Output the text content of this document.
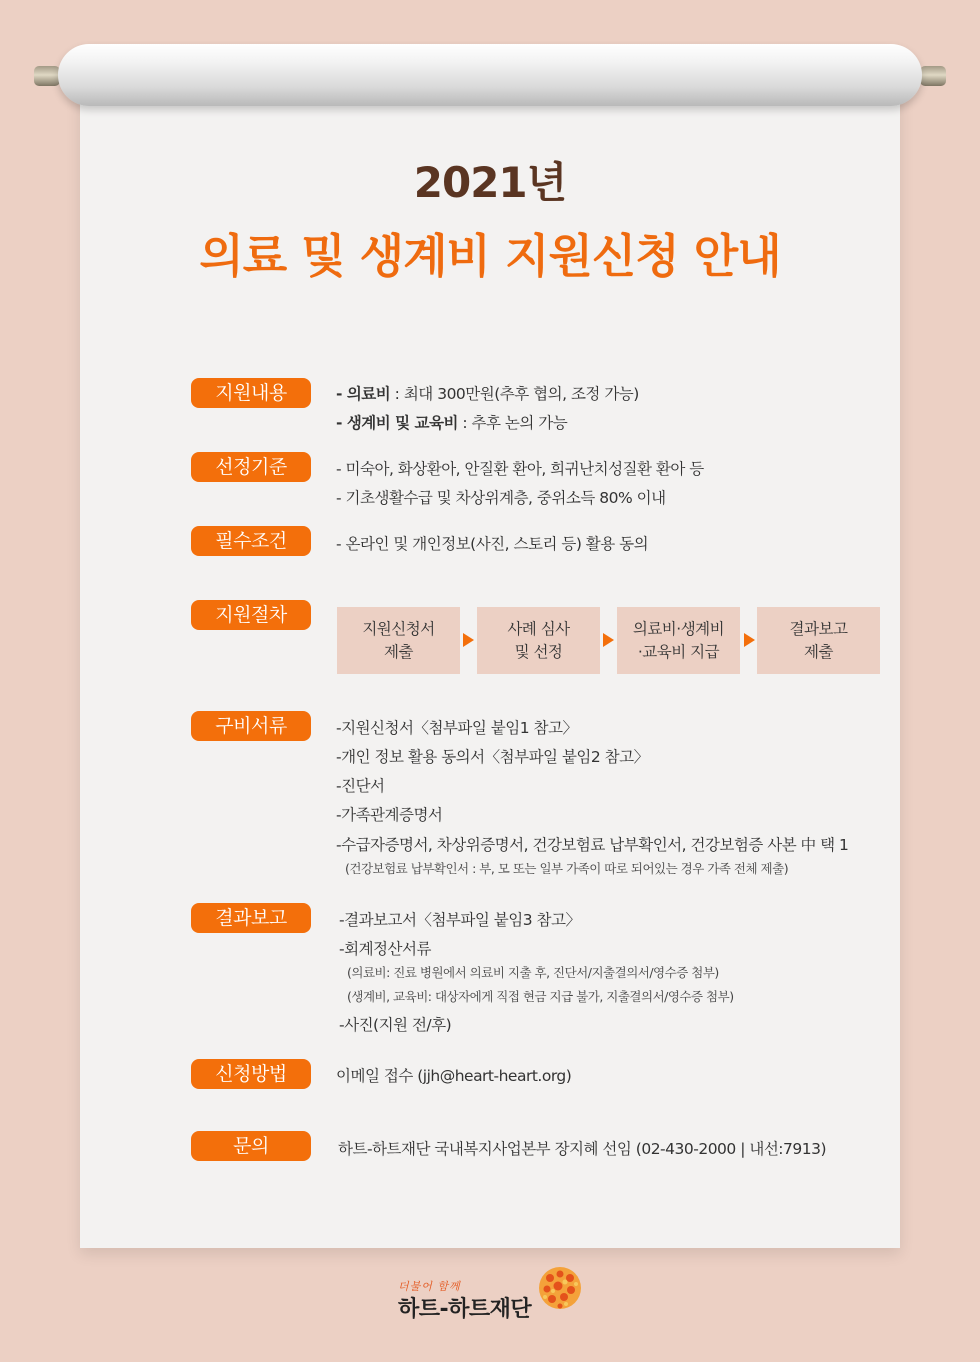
2021년
의료 및 생계비 지원신청 안내
지원내용	- 의료비 : 최대 300만원(추후 협의, 조정 가능)
- 생계비 및 교육비 : 추후 논의 가능
선정기준	- 미숙아, 화상환아, 안질환 환아, 희귀난치성질환 환아 등
- 기초생활수급 및 차상위계층, 중위소득 80% 이내
필수조건	- 온라인 및 개인정보(사진, 스토리 등) 활용 동의
지원절차
지원신청서
제출
사례 심사
및 선정
의료비·생계비
·교육비 지급
결과보고
제출
구비서류	-지원신청서〈첨부파일 붙임1 참고〉
-개인 정보 활용 동의서〈첨부파일 붙임2 참고〉
-진단서
-가족관계증명서
-수급자증명서, 차상위증명서, 건강보험료 납부확인서, 건강보험증 사본 中 택 1
(건강보험료 납부확인서 : 부, 모 또는 일부 가족이 따로 되어있는 경우 가족 전체 제출)
결과보고	-결과보고서〈첨부파일 붙임3 참고〉
-회계정산서류
(의료비: 진료 병원에서 의료비 지출 후, 진단서/지출결의서/영수증 첨부)
(생계비, 교육비: 대상자에게 직접 현금 지급 불가, 지출결의서/영수증 첨부)
-사진(지원 전/후)
신청방법	이메일 접수 (jjh@heart-heart.org)
문의	하트-하트재단 국내복지사업본부 장지혜 선임 (02-430-2000 | 내선:7913)
더불어 함께
하트-하트재단
